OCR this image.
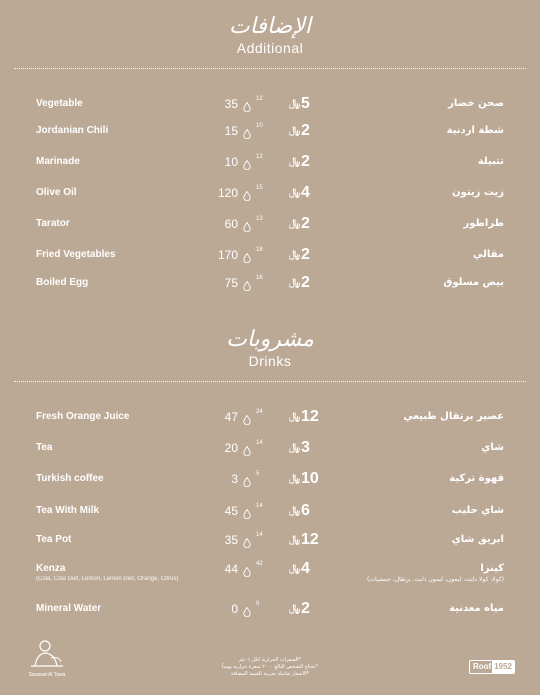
الإضافات
Additional
Vegetable	35	12	﷼ 5	صحن خضار
Jordanian Chili	15	10	﷼ 2	شطة اردنية
Marinade	10	12	﷼ 2	تتبيلة
Olive Oil	120	15	﷼ 4	زيت زيتون
Tarator	60	13	﷼ 2	طراطور
Fried Vegetables	170	18	﷼ 2	مقالي
Boiled Egg	75	16	﷼ 2	بيض مسلوق
مشروبات
Drinks
Fresh Orange Juice	47	24	﷼ 12	عصير برتقال طبيعي
Tea	20	14	﷼ 3	شاي
Turkish coffee	3	5	﷼ 10	قهوة تركية
Tea With Milk	45	14	﷼ 6	شاي حليب
Tea Pot	35	14	﷼ 12	ابريق شاي
Kenza
(Cola, Cola Diet, Lemon, Lemon Diet, Orange, Citrus)
44	42	﷼ 4	كينزا
(كولا، كولا دايت، ليمون، ليمون دايت، برتقال، حمضيات)
Mineral Water	0	0	﷼ 2	مياه معدنية
Sarawat Al Tawa
*السعرات الحرارية لكل ٠١غم
*يحتاج الشخص البالغ ٢٠٠٠ سعرة حرارية يومياً
*الاسعار شاملة ضريبة القيمة المضافة
Roof 1952
